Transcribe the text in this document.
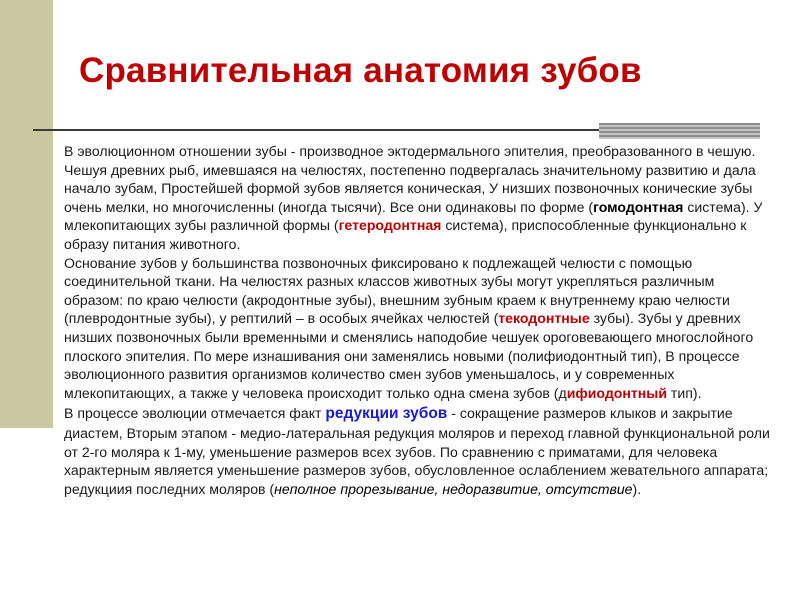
Сравнительная анатомия зубов

В эволюционном отношении зубы - производное эктодермального эпителия, преобразованного в чешую. Чешуя древних рыб, имевшаяся на челюстях, постепенно подвергалась значительному развитию и дала начало зубам, Простейшей формой зубов является коническая, У низших позвоночных конические зубы очень мелки, но многочисленны (иногда тысячи). Все они одинаковы по форме (гомодонтная система). У млекопитающих зубы различной формы (гетеродонтная система), приспособленные функционально к образу питания животного.

Основание зубов у большинства позвоночных фиксировано к подлежащей челюсти с помощью соединительной ткани. На челюстях разных классов животных зубы могут укрепляться различным образом: по краю челюсти (акродонтные зубы), внешним зубным краем к внутреннему краю челюсти (плевродонтные зубы), у рептилий – в особых ячейках челюстей (текодонтные зубы). Зубы у древних низших позвоночных были временными и сменялись наподобие чешуек ороговевающего многослойного плоского эпителия. По мере изнашивания они заменялись новыми (полифиодонтный тип), В процессе эволюционного развития организмов количество смен зубов уменьшалось, и у современных млекопитающих, а также у человека происходит только одна смена зубов (дифиодонтный тип).

В процессе эволюции отмечается факт редукции зубов - сокращение размеров клыков и закрытие диастем, Вторым этапом - медио-латеральная редукция моляров и переход главной функциональной роли от 2-го моляра к 1-му, уменьшение размеров всех зубов. По сравнению с приматами, для человека характерным является уменьшение размеров зубов, обусловленное ослаблением жевательного аппарата; редукциия последних моляров (неполное прорезывание, недоразвитие, отсутствие).
